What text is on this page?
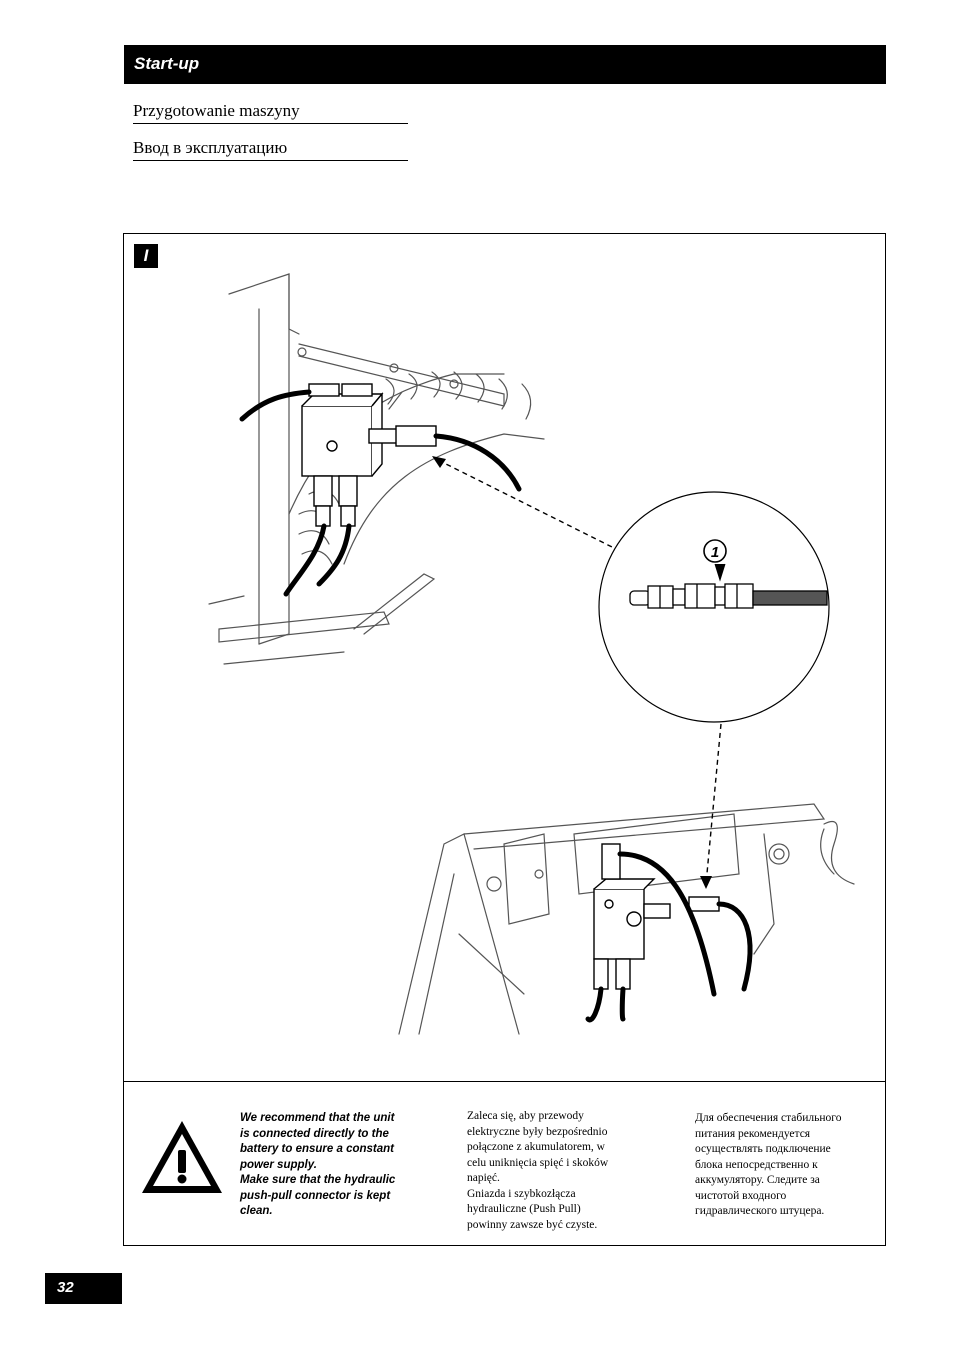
Start-up
Przygotowanie maszyny
Ввод в эксплуатацию
I
1
We recommend that the unit
is connected directly to the
battery to ensure a constant
power supply.
Make sure that the hydraulic
push-pull connector is kept
clean.
Zaleca się, aby przewody
elektryczne były bezpośrednio
połączone z akumulatorem, w
celu uniknięcia spięć i skoków
napięć.
Gniazda i szybkozłącza
hydrauliczne (Push Pull)
powinny zawsze być czyste.
Для обеспечения стабильного
питания рекомендуется
осуществлять подключение
блока непосредственно к
аккумулятору. Следите за
чистотой входного
гидравлического штуцера.
32
